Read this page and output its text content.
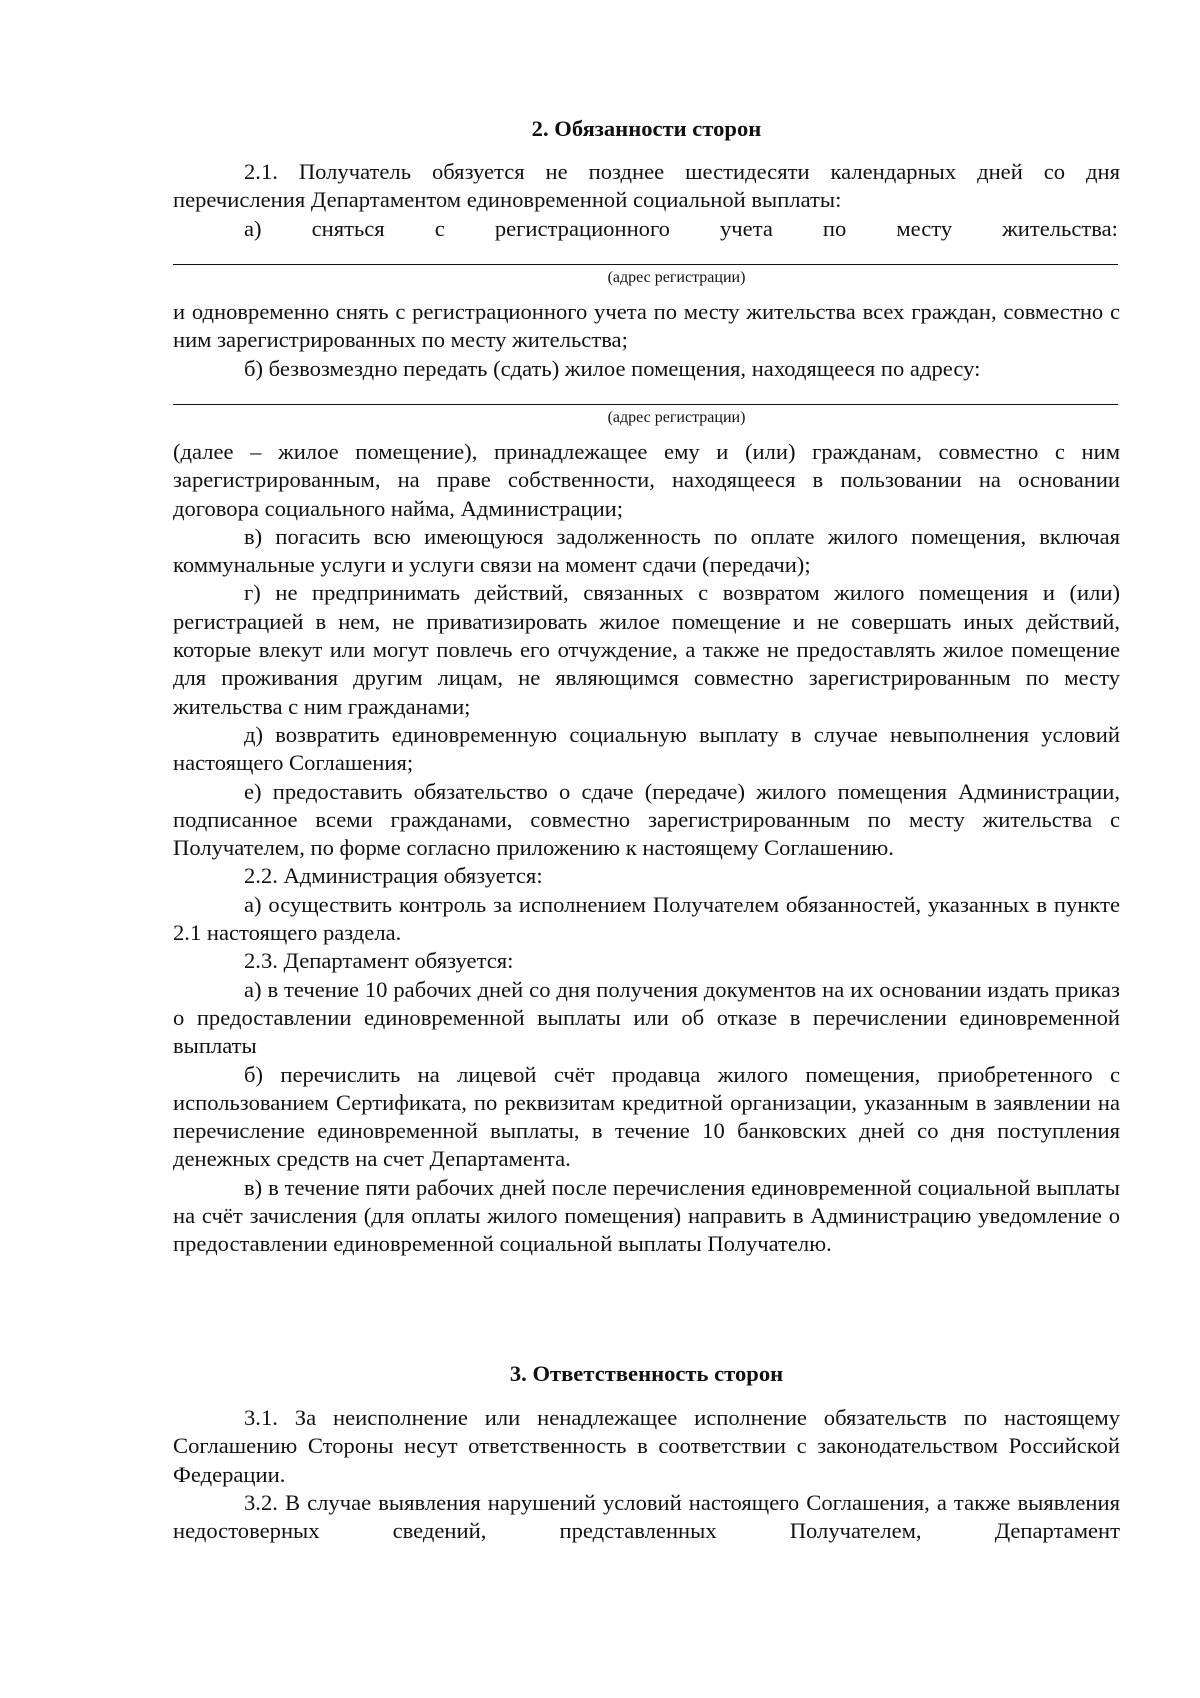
2. Обязанности сторон

2.1. Получатель обязуется не позднее шестидесяти календарных дней со дня перечисления Департаментом единовременной социальной выплаты:

а) сняться с регистрационного учета по месту жительства:
(адрес регистрации)

и одновременно снять с регистрационного учета по месту жительства всех граждан, совместно с ним зарегистрированных по месту жительства;

б) безвозмездно передать (сдать) жилое помещения, находящееся по адресу:

(адрес регистрации)

(далее – жилое помещение), принадлежащее ему и (или) гражданам, совместно с ним зарегистрированным, на праве собственности, находящееся в пользовании на основании договора социального найма, Администрации;

в) погасить всю имеющуюся задолженность по оплате жилого помещения, включая коммунальные услуги и услуги связи на момент сдачи (передачи);

г) не предпринимать действий, связанных с возвратом жилого помещения и (или) регистрацией в нем, не приватизировать жилое помещение и не совершать иных действий, которые влекут или могут повлечь его отчуждение, а также не предоставлять жилое помещение для проживания другим лицам, не являющимся совместно зарегистрированным по месту жительства с ним гражданами;

д) возвратить единовременную социальную выплату в случае невыполнения условий настоящего Соглашения;

е) предоставить обязательство о сдаче (передаче) жилого помещения Администрации, подписанное всеми гражданами, совместно зарегистрированным по месту жительства с Получателем, по форме согласно приложению к настоящему Соглашению.

2.2. Администрация обязуется:

а) осуществить контроль за исполнением Получателем обязанностей, указанных в пункте 2.1 настоящего раздела.

2.3. Департамент обязуется:

а) в течение 10 рабочих дней со дня получения документов на их основании издать приказ о предоставлении единовременной выплаты или об отказе в перечислении единовременной выплаты

б) перечислить на лицевой счёт продавца жилого помещения, приобретенного с использованием Сертификата, по реквизитам кредитной организации, указанным в заявлении на перечисление единовременной выплаты, в течение 10 банковских дней со дня поступления денежных средств на счет Департамента.

в) в течение пяти рабочих дней после перечисления единовременной социальной выплаты на счёт зачисления (для оплаты жилого помещения) направить в Администрацию уведомление о предоставлении единовременной социальной выплаты Получателю.

3. Ответственность сторон

3.1. За неисполнение или ненадлежащее исполнение обязательств по настоящему Соглашению Стороны несут ответственность в соответствии с законодательством Российской Федерации.

3.2. В случае выявления нарушений условий настоящего Соглашения, а также выявления недостоверных сведений, представленных Получателем, Департамент
